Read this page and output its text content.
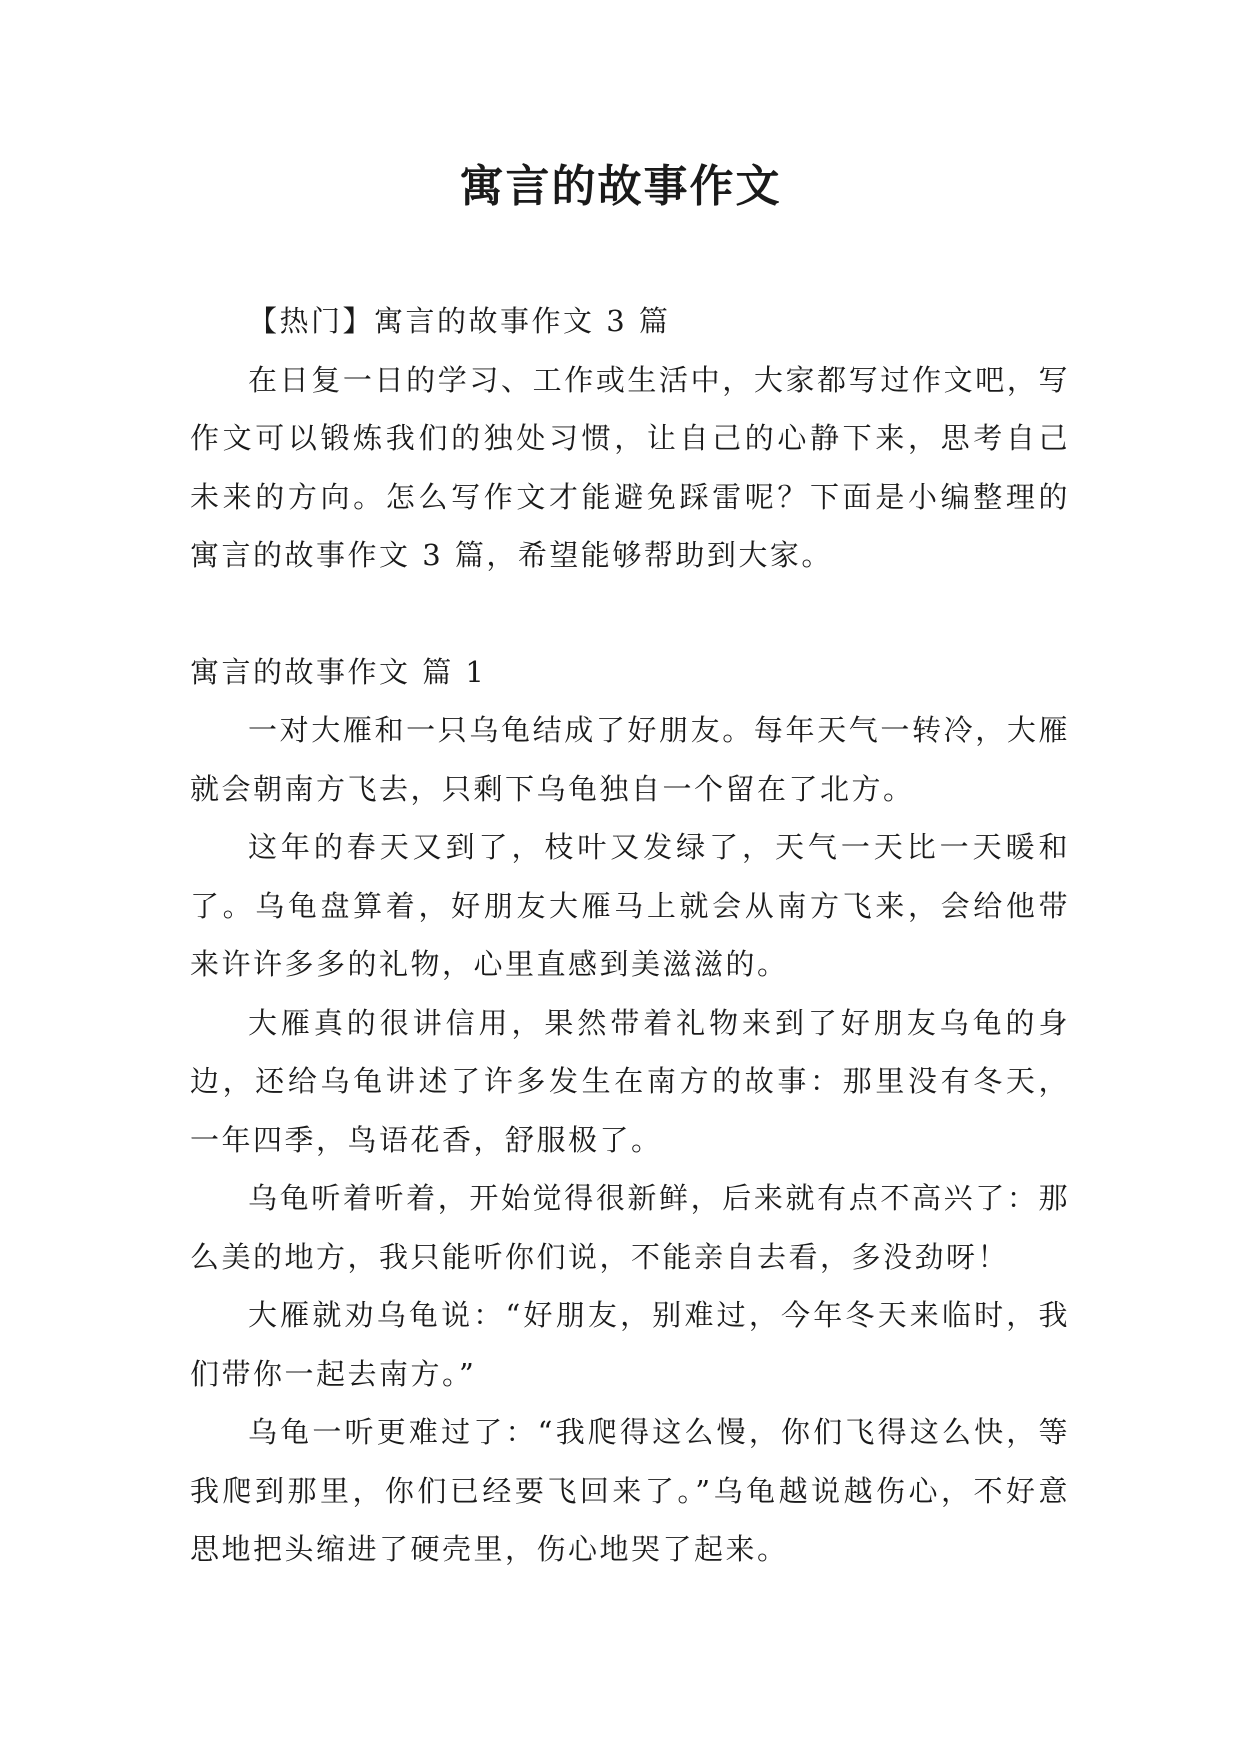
寓言的故事作文

【热门】寓言的故事作文 3 篇

在日复一日的学习、工作或生活中，大家都写过作文吧，写作文可以锻炼我们的独处习惯，让自己的心静下来，思考自己未来的方向。怎么写作文才能避免踩雷呢？下面是小编整理的寓言的故事作文 3 篇，希望能够帮助到大家。

寓言的故事作文 篇 1

一对大雁和一只乌龟结成了好朋友。每年天气一转冷，大雁就会朝南方飞去，只剩下乌龟独自一个留在了北方。

这年的春天又到了，枝叶又发绿了，天气一天比一天暖和了。乌龟盘算着，好朋友大雁马上就会从南方飞来，会给他带来许许多多的礼物，心里直感到美滋滋的。

大雁真的很讲信用，果然带着礼物来到了好朋友乌龟的身边，还给乌龟讲述了许多发生在南方的故事：那里没有冬天，一年四季，鸟语花香，舒服极了。

乌龟听着听着，开始觉得很新鲜，后来就有点不高兴了：那么美的地方，我只能听你们说，不能亲自去看，多没劲呀！

大雁就劝乌龟说：“好朋友，别难过，今年冬天来临时，我们带你一起去南方。”

乌龟一听更难过了：“我爬得这么慢，你们飞得这么快，等我爬到那里，你们已经要飞回来了。”乌龟越说越伤心，不好意思地把头缩进了硬壳里，伤心地哭了起来。
